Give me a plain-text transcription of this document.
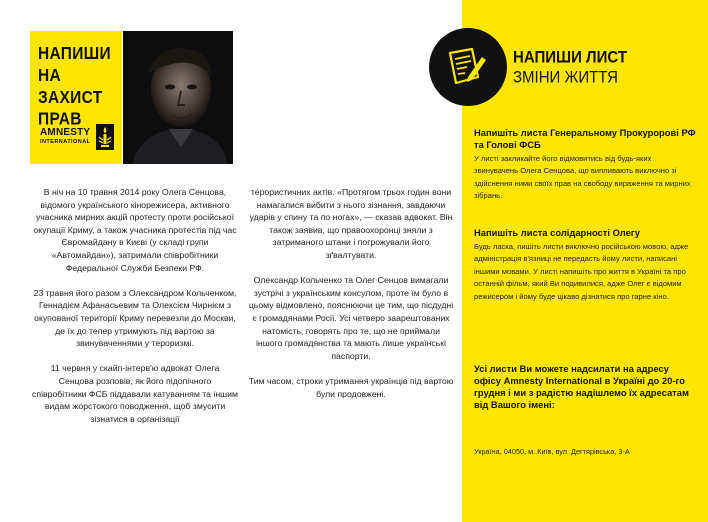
НАПИШИ
НА ЗАХИСТ
ПРАВ
AMNESTY
INTERNATIONAL

В ніч на 10 травня 2014 року Олега Сенцова, відомого українського кінорежисера, активного учасника мирних акцій протесту проти російської окупації Криму, а також учасника протестів під час Євромайдану в Києві (у складі групи «Автомайдан»), затримали співробітники Федеральної Служби Безпеки РФ.

23 травня його разом з Олександром Кольченком, Геннадієм Афанасьевим та Олексієм Чирнієм з окупованої території Криму перевезли до Москви, де їх до тепер утримують під вартою за звинуваченнями у тероризмі.

11 червня у скайп-інтерв'ю адвокат Олега Сенцова розповів, як його підопічного співробітники ФСБ піддавали катуванням та іншим видам жорстокого поводження, щоб змусити зізнатися в організації

терористичних актів. «Протягом трьох годин вони намагалися вибити з нього зізнання, завдаючи ударів у спину та по ногах», — сказав адвокат. Він також заявив, що правоохоронці зняли з затриманого штани і погрожували його зґвалтувати.

Олександр Кольченко та Олег Сенцов вимагали зустрічі з українським консулом, проте їм було в цьому відмовлено, пояснюючи це тим, що пісдудні є громадянами Росії. Усі четверо заарештованих натомість, говорять про те, що не приймали іншого громадянства та мають лише українські паспорти.

Тим часом, строки утримання українців під вартою були продовжені.

НАПИШИ ЛИСТ
ЗМІНИ ЖИТТЯ
Напишіть листа Генеральному Прокуророві РФ та Голові ФСБ

У листі закликайте його відмовитись від будь-яких звинувачень Олега Сенцова, що випливають виключно зі здійснення ними своїх прав на свободу вираження та мирних зібрань.

Напишіть листа солідарності Олегу

Будь ласка, пишіть листи виключно російською мовою, адже адміністрація в'язниці не передасть йому листи, написані іншими мовами. У листі напишіть про життя в Україні та про останній фільм, який Ви подивилися, адже Олег є відомим режисером і йому буде цікаво дізнатися про гарне кіно.

Усі листи Ви можете надсилати на адресу офісу Amnesty International в Україні до 20-го грудня і ми з радістю надішлемо їх адресатам від Вашого імені:
Україна, 04050, м. Київ, вул. Дегтярівська, 3-А
